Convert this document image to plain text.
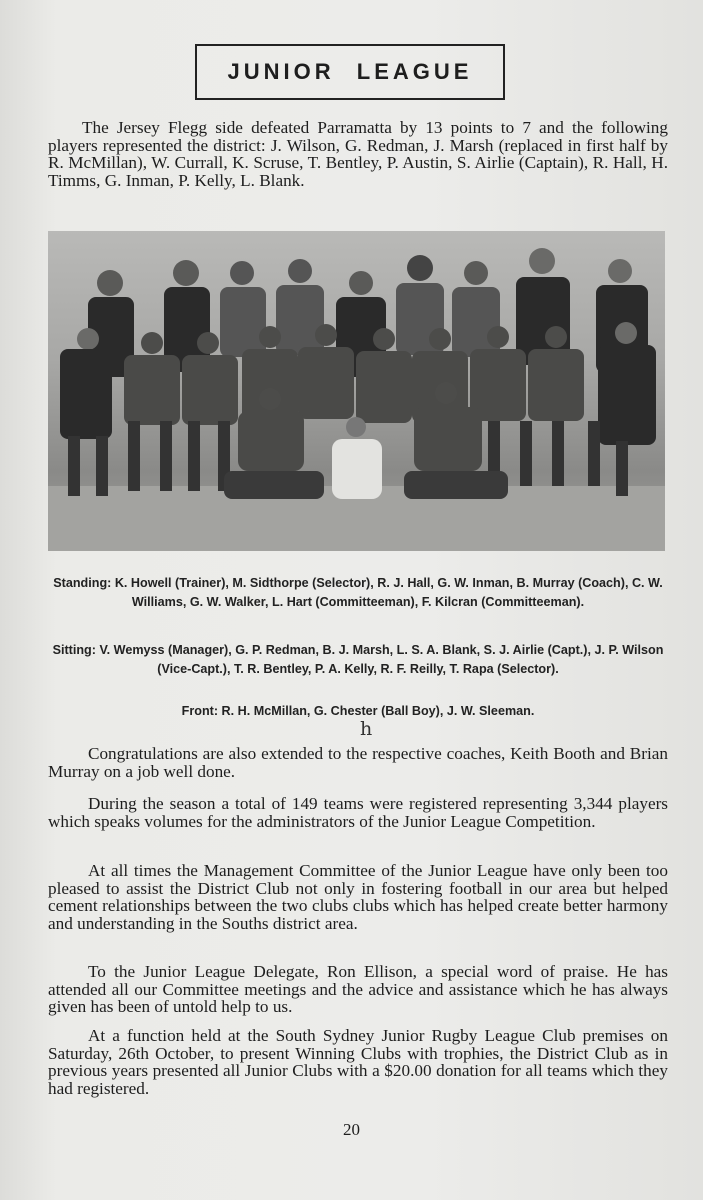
JUNIOR LEAGUE

The Jersey Flegg side defeated Parramatta by 13 points to 7 and the following players represented the district: J. Wilson, G. Redman, J. Marsh (replaced in first half by R. McMillan), W. Currall, K. Scruse, T. Bentley, P. Austin, S. Airlie (Captain), R. Hall, H. Timms, G. Inman, P. Kelly, L. Blank.

Standing: K. Howell (Trainer), M. Sidthorpe (Selector), R. J. Hall, G. W. Inman, B. Murray (Coach), C. W. Williams, G. W. Walker, L. Hart (Committeeman), F. Kilcran (Committeeman).

Sitting: V. Wemyss (Manager), G. P. Redman, B. J. Marsh, L. S. A. Blank, S. J. Airlie (Capt.), J. P. Wilson (Vice-Capt.), T. R. Bentley, P. A. Kelly, R. F. Reilly, T. Rapa (Selector).

Front: R. H. McMillan, G. Chester (Ball Boy), J. W. Sleeman.
h

Congratulations are also extended to the respective coaches, Keith Booth and Brian Murray on a job well done.

During the season a total of 149 teams were registered representing 3,344 players which speaks volumes for the administrators of the Junior League Competition.

At all times the Management Committee of the Junior League have only been too pleased to assist the District Club not only in fostering football in our area but helped cement relationships between the two clubs clubs which has helped create better harmony and understanding in the Souths district area.

To the Junior League Delegate, Ron Ellison, a special word of praise. He has attended all our Committee meetings and the advice and assistance which he has always given has been of untold help to us.

At a function held at the South Sydney Junior Rugby League Club premises on Saturday, 26th October, to present Winning Clubs with trophies, the District Club as in previous years presented all Junior Clubs with a $20.00 donation for all teams which they had registered.

20
